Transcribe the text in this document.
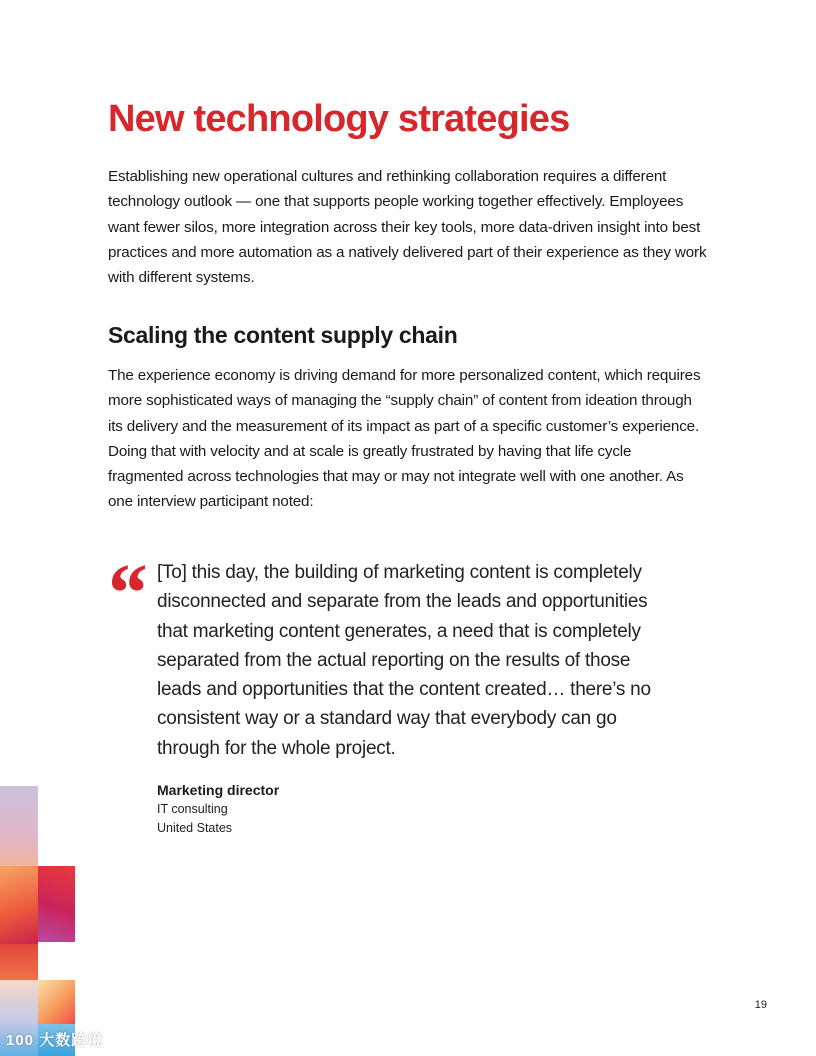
New technology strategies

Establishing new operational cultures and rethinking collaboration requires a different technology outlook — one that supports people working together effectively. Employees want fewer silos, more integration across their key tools, more data-driven insight into best practices and more automation as a natively delivered part of their experience as they work with different systems.

Scaling the content supply chain

The experience economy is driving demand for more personalized content, which requires more sophisticated ways of managing the “supply chain” of content from ideation through its delivery and the measurement of its impact as part of a specific customer’s experience. Doing that with velocity and at scale is greatly frustrated by having that life cycle fragmented across technologies that may or may not integrate well with one another. As one interview participant noted:

“ [To] this day, the building of marketing content is completely disconnected and separate from the leads and opportunities that marketing content generates, a need that is completely separated from the actual reporting on the results of those leads and opportunities that the content created… there’s no consistent way or a standard way that everybody can go through for the whole project.

Marketing director
IT consulting
United States
100 大数跨境
19
